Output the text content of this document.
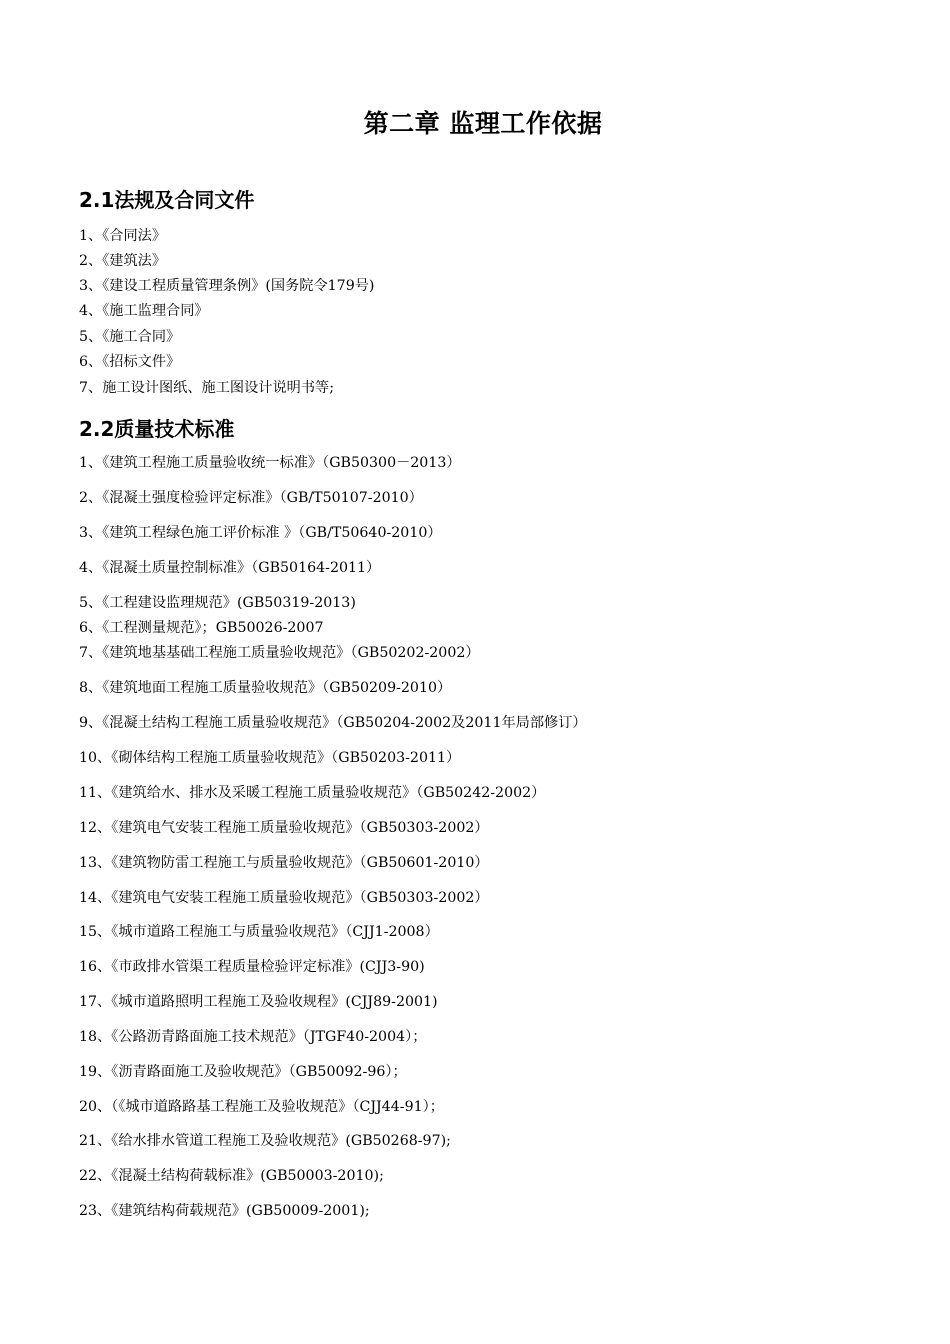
第二章 监理工作依据
2.1法规及合同文件
1、《合同法》
2、《建筑法》
3、《建设工程质量管理条例》(国务院令179号)
4、《施工监理合同》
5、《施工合同》
6、《招标文件》
7、施工设计图纸、施工图设计说明书等;
2.2质量技术标准
1、《建筑工程施工质量验收统一标准》（GB50300－2013）
2、《混凝土强度检验评定标准》（GB/T50107-2010）
3、《建筑工程绿色施工评价标准 》（GB/T50640-2010）
4、《混凝土质量控制标准》（GB50164-2011）
5、《工程建设监理规范》(GB50319-2013)
6、《工程测量规范》；GB50026-2007
7、《建筑地基基础工程施工质量验收规范》（GB50202-2002）
8、《建筑地面工程施工质量验收规范》（GB50209-2010）
9、《混凝土结构工程施工质量验收规范》（GB50204-2002及2011年局部修订）
10、《砌体结构工程施工质量验收规范》（GB50203-2011）
11、《建筑给水、排水及采暖工程施工质量验收规范》（GB50242-2002）
12、《建筑电气安装工程施工质量验收规范》（GB50303-2002）
13、《建筑物防雷工程施工与质量验收规范》（GB50601-2010）
14、《建筑电气安装工程施工质量验收规范》（GB50303-2002）
15、《城市道路工程施工与质量验收规范》（CJJ1-2008）
16、《市政排水管渠工程质量检验评定标准》(CJJ3-90)
17、《城市道路照明工程施工及验收规程》(CJJ89-2001)
18、《公路沥青路面施工技术规范》（JTGF40-2004）；
19、《沥青路面施工及验收规范》（GB50092-96）；
20、（《城市道路路基工程施工及验收规范》（CJJ44-91）；
21、《给水排水管道工程施工及验收规范》(GB50268-97);
22、《混凝土结构荷载标准》(GB50003-2010);
23、《建筑结构荷载规范》(GB50009-2001);
